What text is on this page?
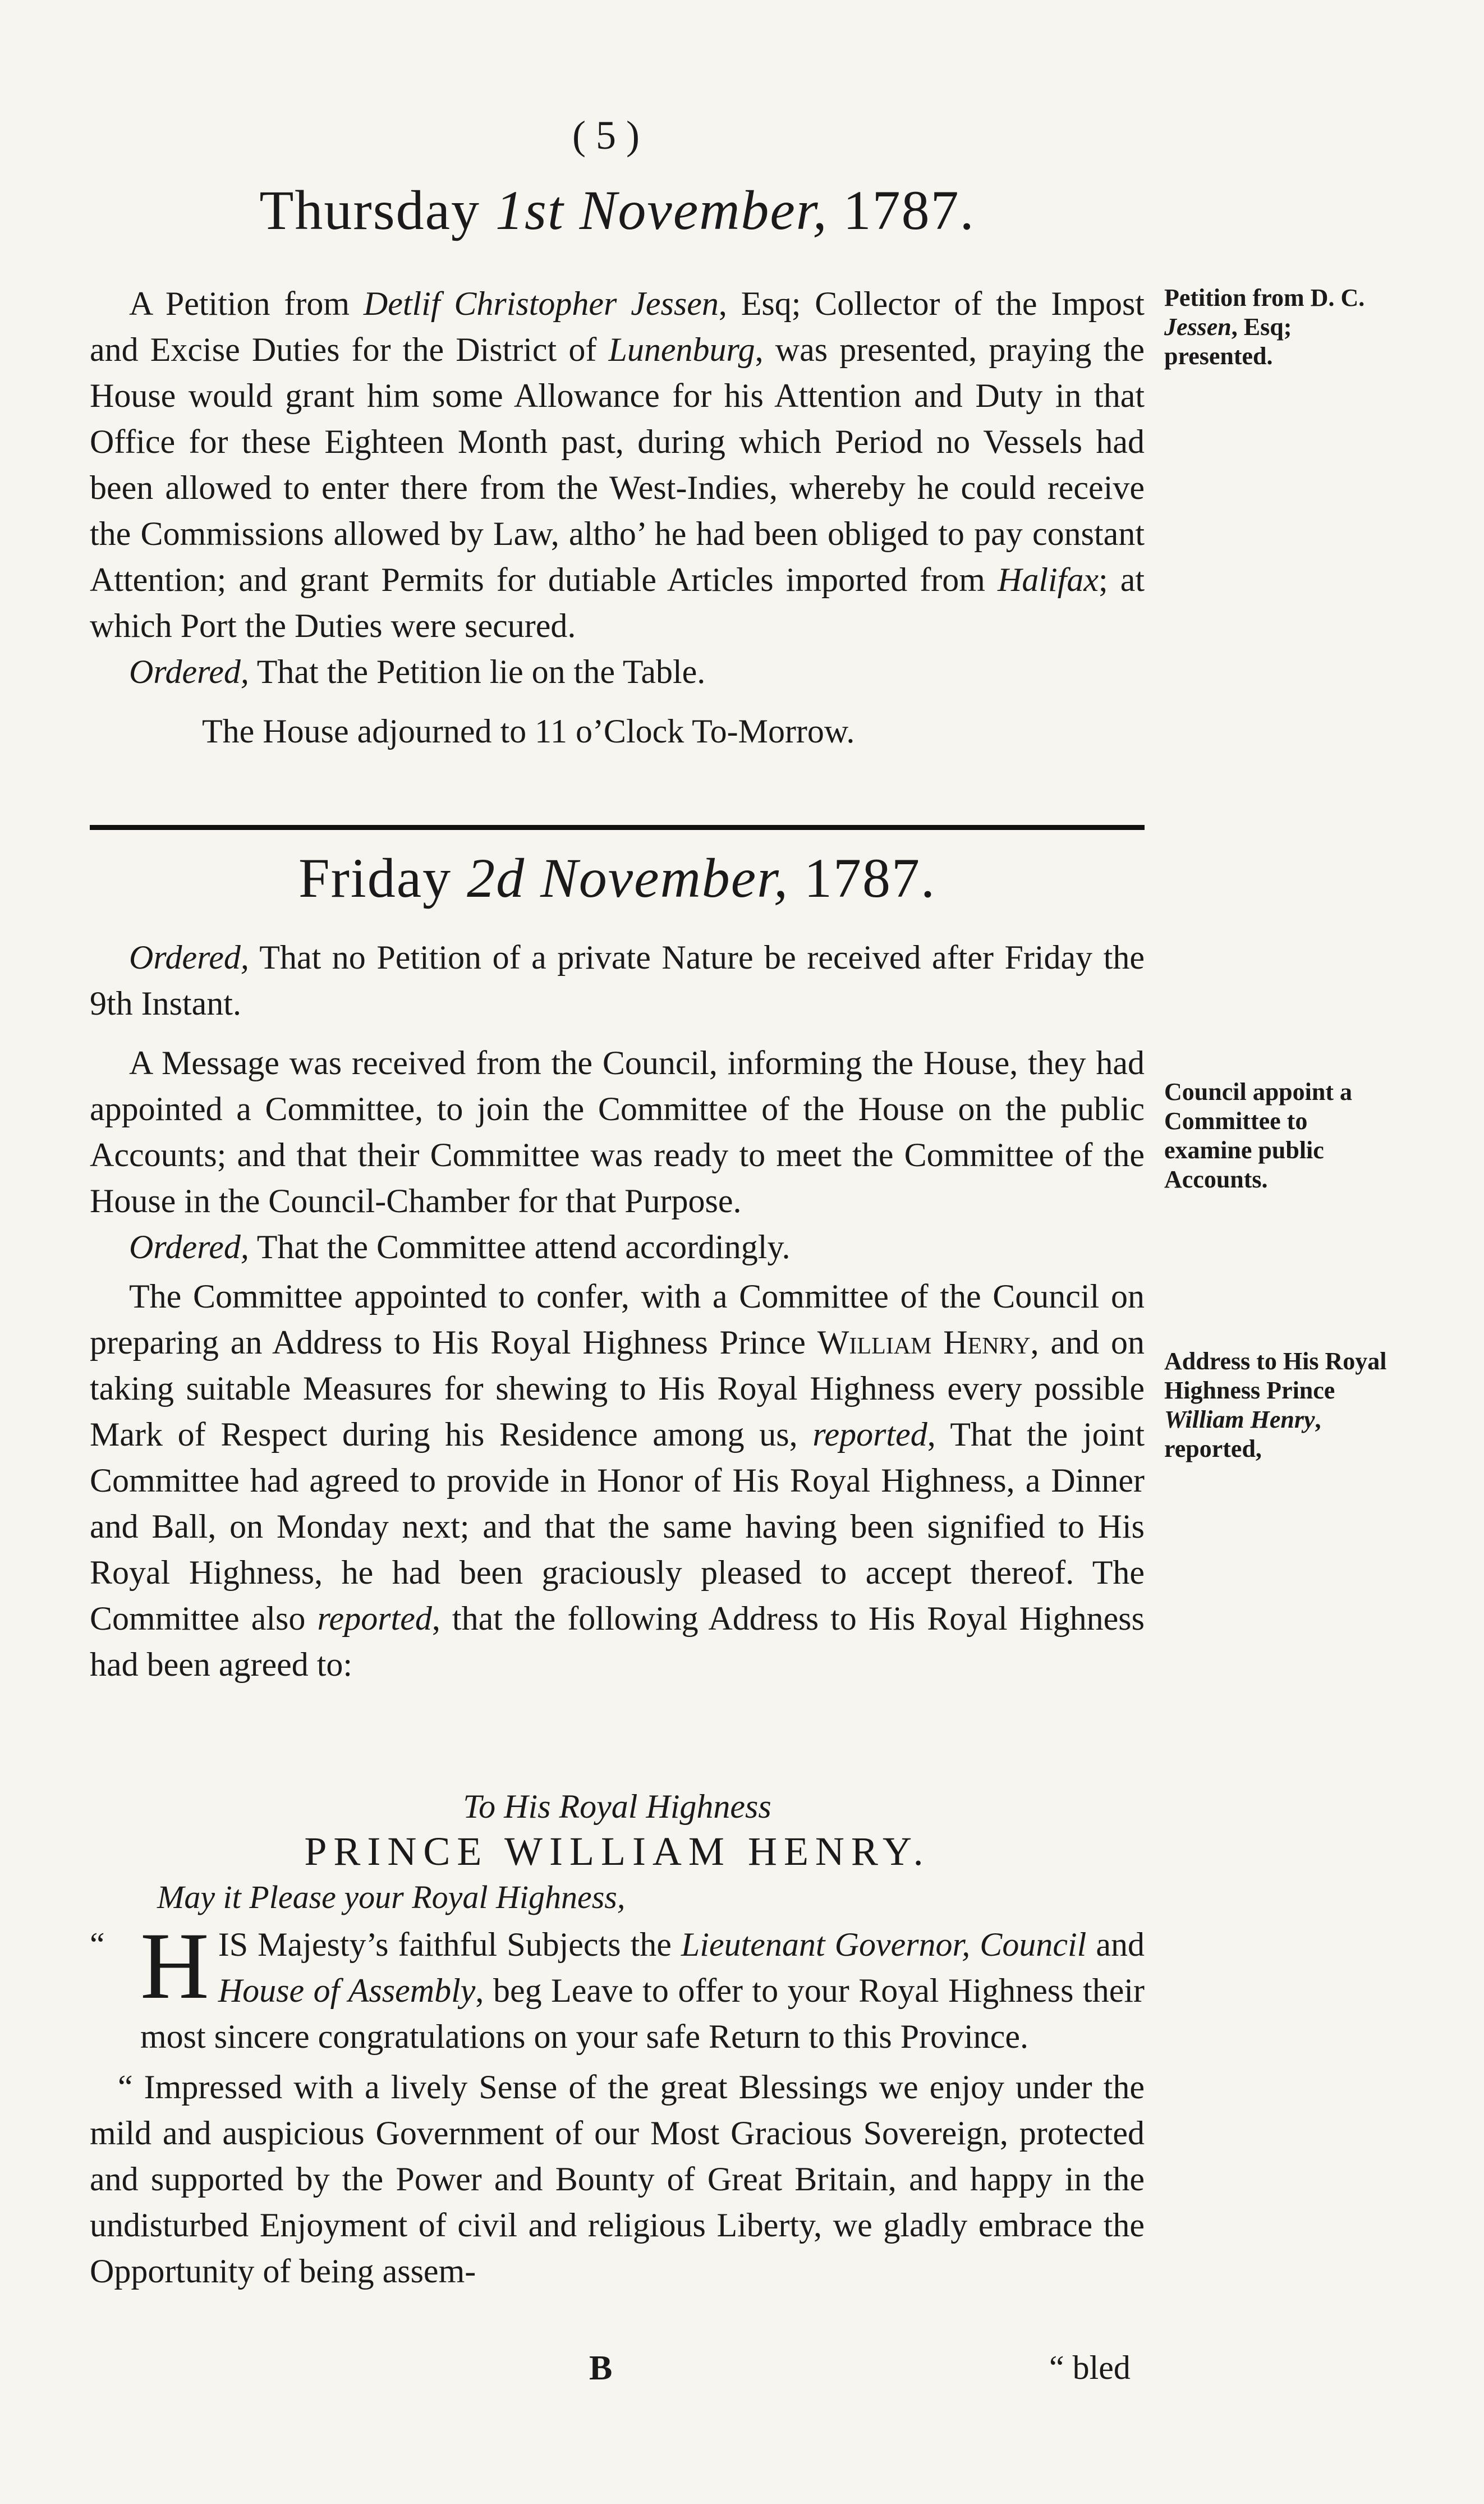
( 5 )
Thursday 1st November, 1787.

A Petition from Detlif Christopher Jessen, Esq; Collector of the Impost and Excise Duties for the District of Lunenburg, was presented, praying the House would grant him some Allowance for his Attention and Duty in that Office for these Eighteen Month past, during which Period no Vessels had been allowed to enter there from the West-Indies, whereby he could receive the Commissions allowed by Law, altho’ he had been obliged to pay constant Attention; and grant Permits for dutiable Articles imported from Halifax; at which Port the Duties were secured.

Ordered, That the Petition lie on the Table.

The House adjourned to 11 o’Clock To-Morrow.

Petition from D. C. Jessen, Esq; presented.
Friday 2d November, 1787.

Ordered, That no Petition of a private Nature be received after Friday the 9th Instant.

A Message was received from the Council, informing the House, they had appointed a Committee, to join the Committee of the House on the public Accounts; and that their Committee was ready to meet the Committee of the House in the Council-Chamber for that Purpose.

Ordered, That the Committee attend accordingly.

The Committee appointed to confer, with a Committee of the Council on preparing an Address to His Royal Highness Prince William Henry, and on taking suitable Measures for shewing to His Royal Highness every possible Mark of Respect during his Residence among us, reported, That the joint Committee had agreed to provide in Honor of His Royal Highness, a Dinner and Ball, on Monday next; and that the same having been signified to His Royal Highness, he had been graciously pleased to accept thereof. The Committee also reported, that the following Address to His Royal Highness had been agreed to:

Council appoint a Committee to examine public Accounts.
Address to His Royal Highness Prince William Henry, reported,

To His Royal Highness

PRINCE WILLIAM HENRY.

May it Please your Royal Highness,

“ H IS Majesty’s faithful Subjects the Lieutenant Governor, Council and House of Assembly, beg Leave to offer to your Royal Highness their most sincere congratulations on your safe Return to this Province.

“ Impressed with a lively Sense of the great Blessings we enjoy under the mild and auspicious Government of our Most Gracious Sovereign, protected and supported by the Power and Bounty of Great Britain, and happy in the undisturbed Enjoyment of civil and religious Liberty, we gladly embrace the Opportunity of being assem-

B	“ bled
